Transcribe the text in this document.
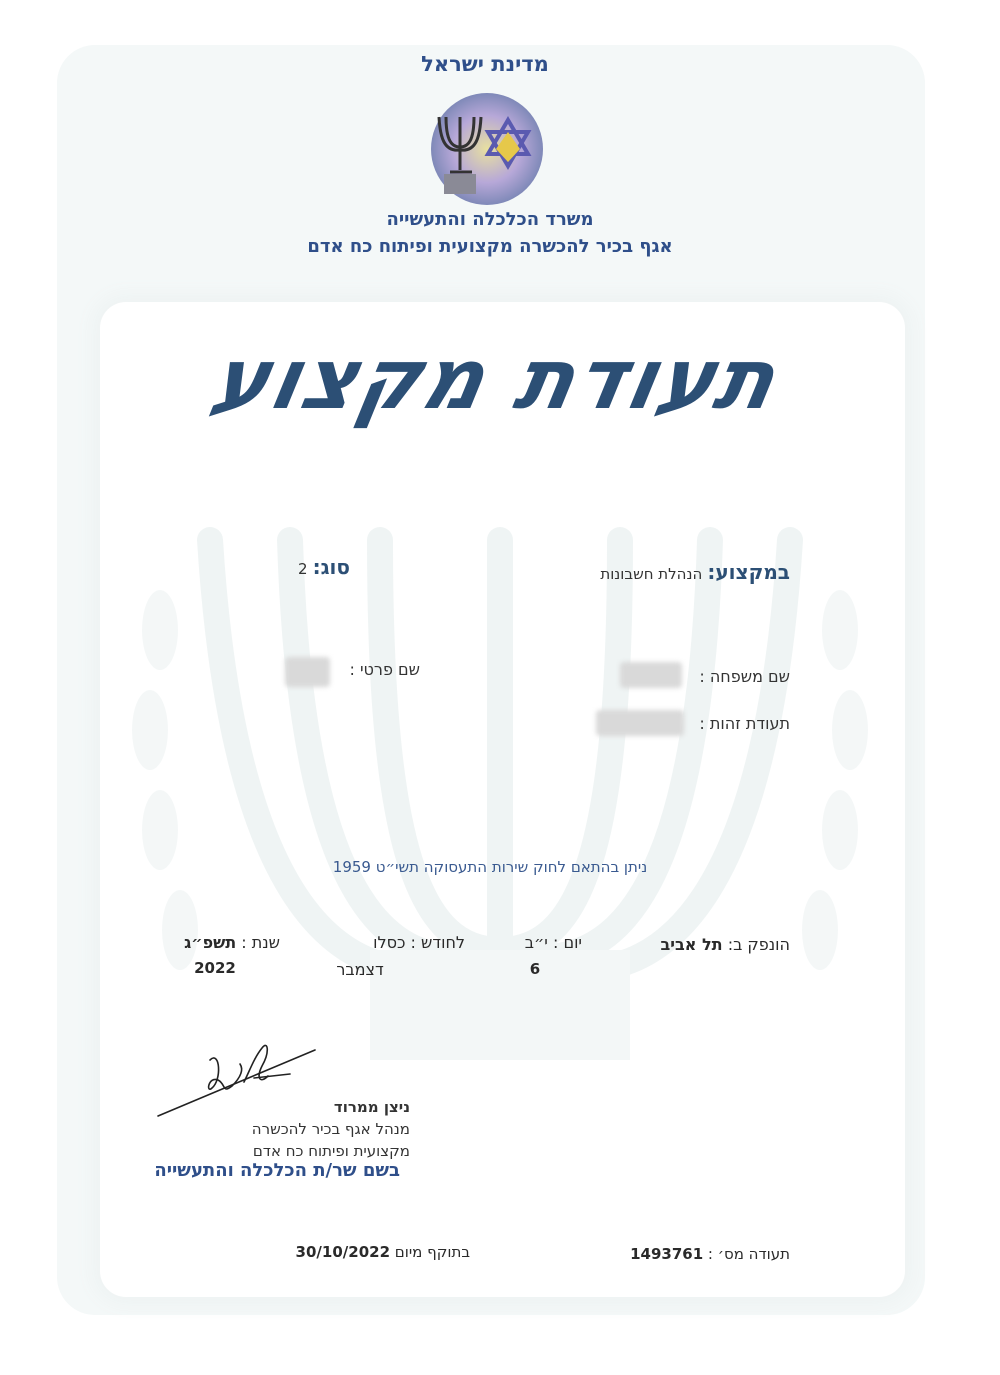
מדינת ישראל
משרד הכלכלה והתעשייה
אגף בכיר להכשרה מקצועית ופיתוח כח אדם
תעודת מקצוע
במקצוע: הנהלת חשבונות
סוג: 2
שם משפחה :
שם פרטי :
תעודת זהות :
ניתן בהתאם לחוק שירות התעסוקה תשי״ט 1959
הונפק ב: תל אביב
יום : י״ב
6
לחודש : כסלו
דצמבר
שנת : תשפ״ג
2022
ניצן ממרוד
מנהל אגף בכיר להכשרה
מקצועית ופיתוח כח אדם
בשם שר/ת הכלכלה והתעשייה
בתוקף מיום 30/10/2022	תעודה מס׳ : 1493761
